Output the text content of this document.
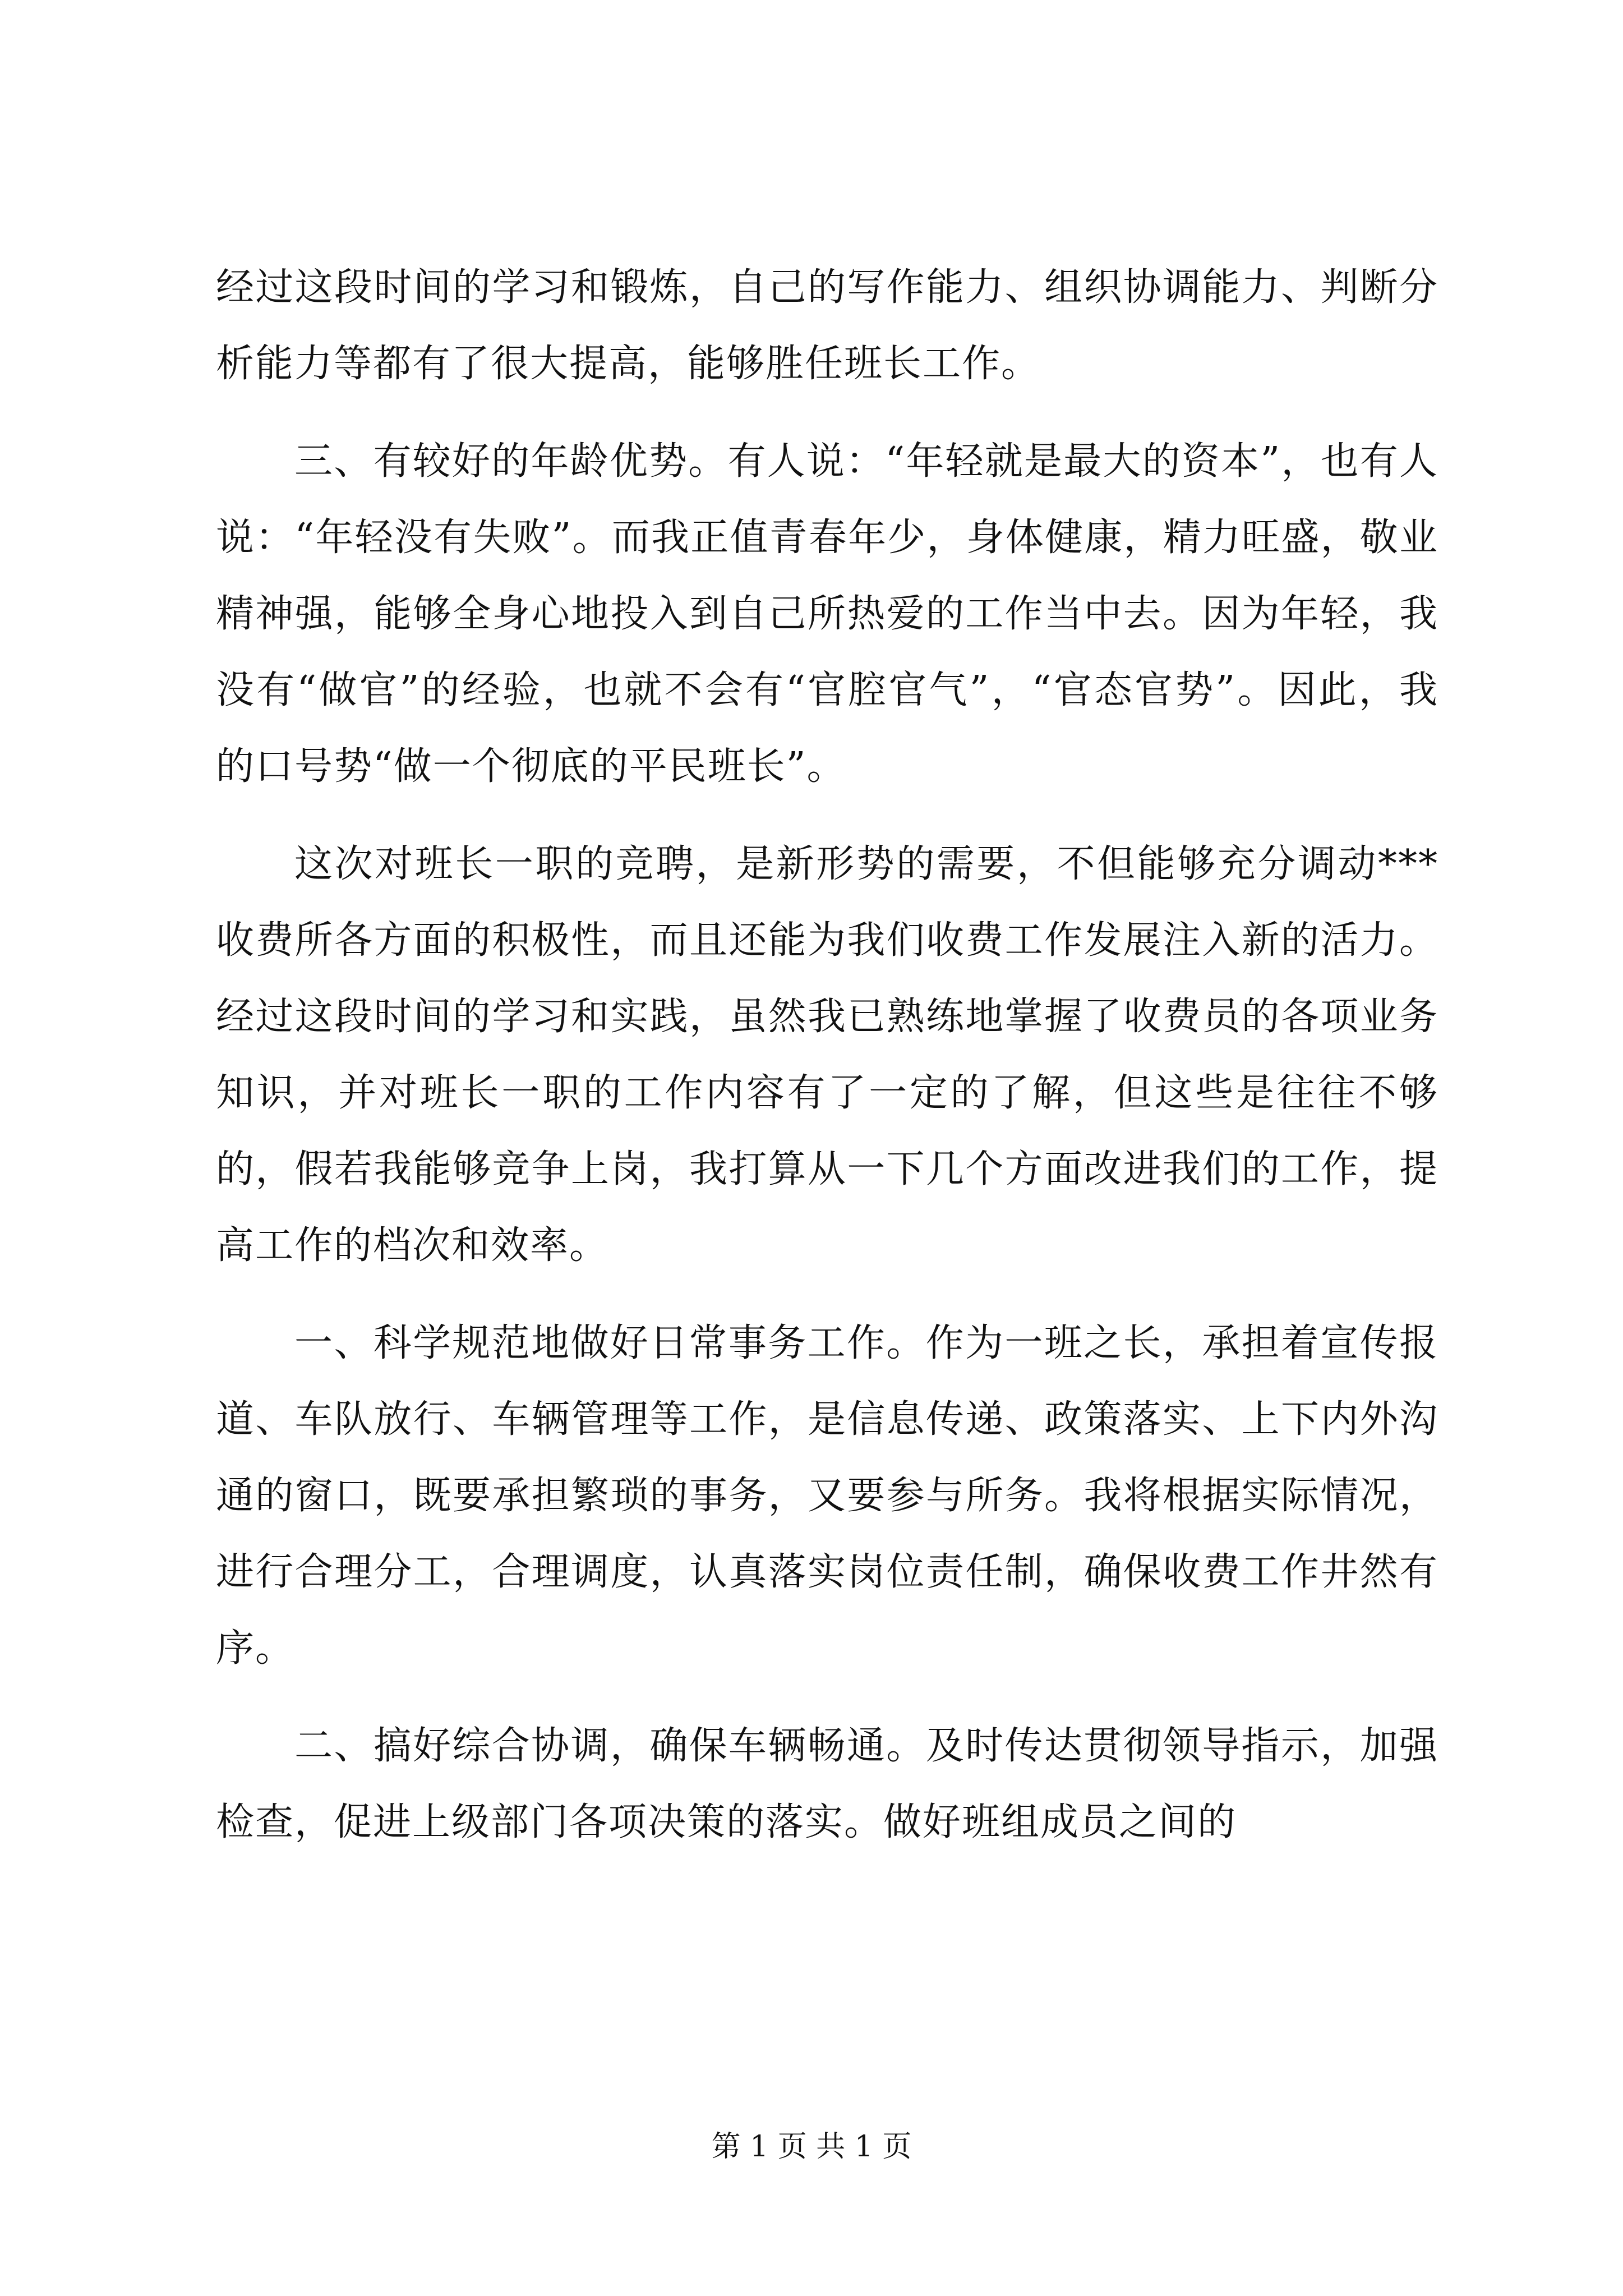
经过这段时间的学习和锻炼，自己的写作能力、组织协调能力、判断分析能力等都有了很大提高，能够胜任班长工作。

三、有较好的年龄优势。有人说：“年轻就是最大的资本”，也有人说：“年轻没有失败”。而我正值青春年少，身体健康，精力旺盛，敬业精神强，能够全身心地投入到自己所热爱的工作当中去。因为年轻，我没有“做官”的经验，也就不会有“官腔官气”，“官态官势”。因此，我的口号势“做一个彻底的平民班长”。

这次对班长一职的竞聘，是新形势的需要，不但能够充分调动***收费所各方面的积极性，而且还能为我们收费工作发展注入新的活力。经过这段时间的学习和实践，虽然我已熟练地掌握了收费员的各项业务知识，并对班长一职的工作内容有了一定的了解，但这些是往往不够的，假若我能够竞争上岗，我打算从一下几个方面改进我们的工作，提高工作的档次和效率。

一、科学规范地做好日常事务工作。作为一班之长，承担着宣传报道、车队放行、车辆管理等工作，是信息传递、政策落实、上下内外沟通的窗口，既要承担繁琐的事务，又要参与所务。我将根据实际情况，进行合理分工，合理调度，认真落实岗位责任制，确保收费工作井然有序。

二、搞好综合协调，确保车辆畅通。及时传达贯彻领导指示，加强检查，促进上级部门各项决策的落实。做好班组成员之间的

第 1 页 共 1 页
